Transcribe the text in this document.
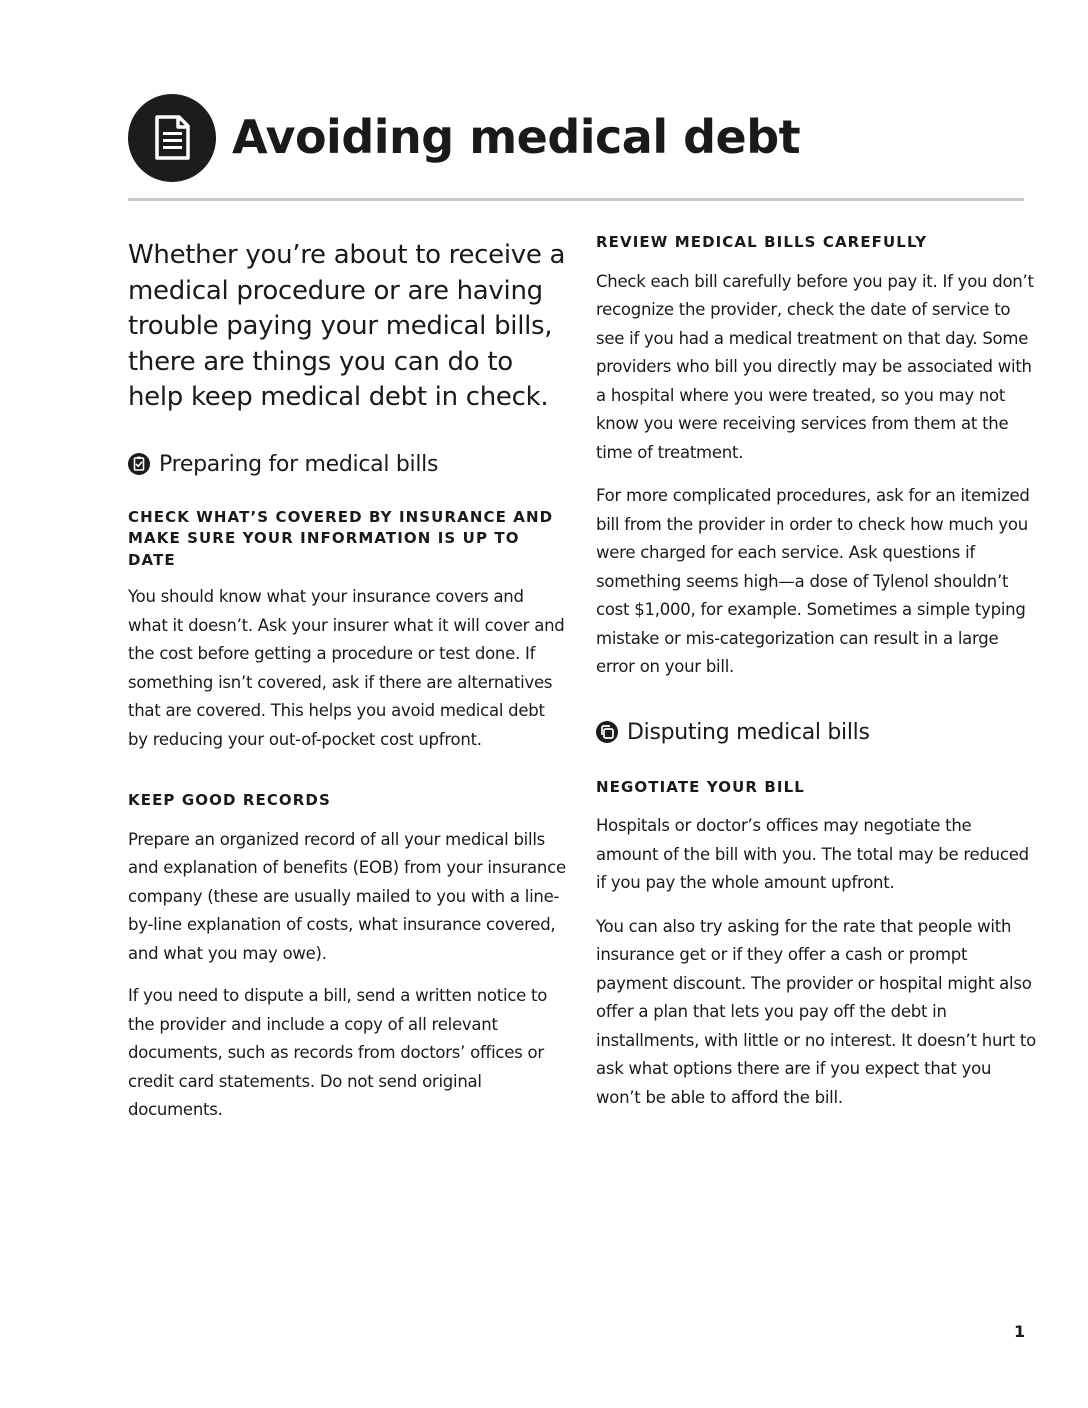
Avoiding medical debt

Whether you’re about to receive a medical procedure or are having trouble paying your medical bills, there are things you can do to help keep medical debt in check.

Preparing for medical bills

CHECK WHAT’S COVERED BY INSURANCE AND MAKE SURE YOUR INFORMATION IS UP TO DATE

You should know what your insurance covers and what it doesn’t. Ask your insurer what it will cover and the cost before getting a procedure or test done. If something isn’t covered, ask if there are alternatives that are covered. This helps you avoid medical debt by reducing your out-of-pocket cost upfront.

KEEP GOOD RECORDS

Prepare an organized record of all your medical bills and explanation of benefits (EOB) from your insurance company (these are usually mailed to you with a line-by-line explanation of costs, what insurance covered, and what you may owe).

If you need to dispute a bill, send a written notice to the provider and include a copy of all relevant documents, such as records from doctors’ offices or credit card statements. Do not send original documents.

REVIEW MEDICAL BILLS CAREFULLY

Check each bill carefully before you pay it. If you don’t recognize the provider, check the date of service to see if you had a medical treatment on that day. Some providers who bill you directly may be associated with a hospital where you were treated, so you may not know you were receiving services from them at the time of treatment.

For more complicated procedures, ask for an itemized bill from the provider in order to check how much you were charged for each service. Ask questions if something seems high—a dose of Tylenol shouldn’t cost $1,000, for example. Sometimes a simple typing mistake or mis-categorization can result in a large error on your bill.

Disputing medical bills

NEGOTIATE YOUR BILL

Hospitals or doctor’s offices may negotiate the amount of the bill with you. The total may be reduced if you pay the whole amount upfront.

You can also try asking for the rate that people with insurance get or if they offer a cash or prompt payment discount. The provider or hospital might also offer a plan that lets you pay off the debt in installments, with little or no interest. It doesn’t hurt to ask what options there are if you expect that you won’t be able to afford the bill.

1
